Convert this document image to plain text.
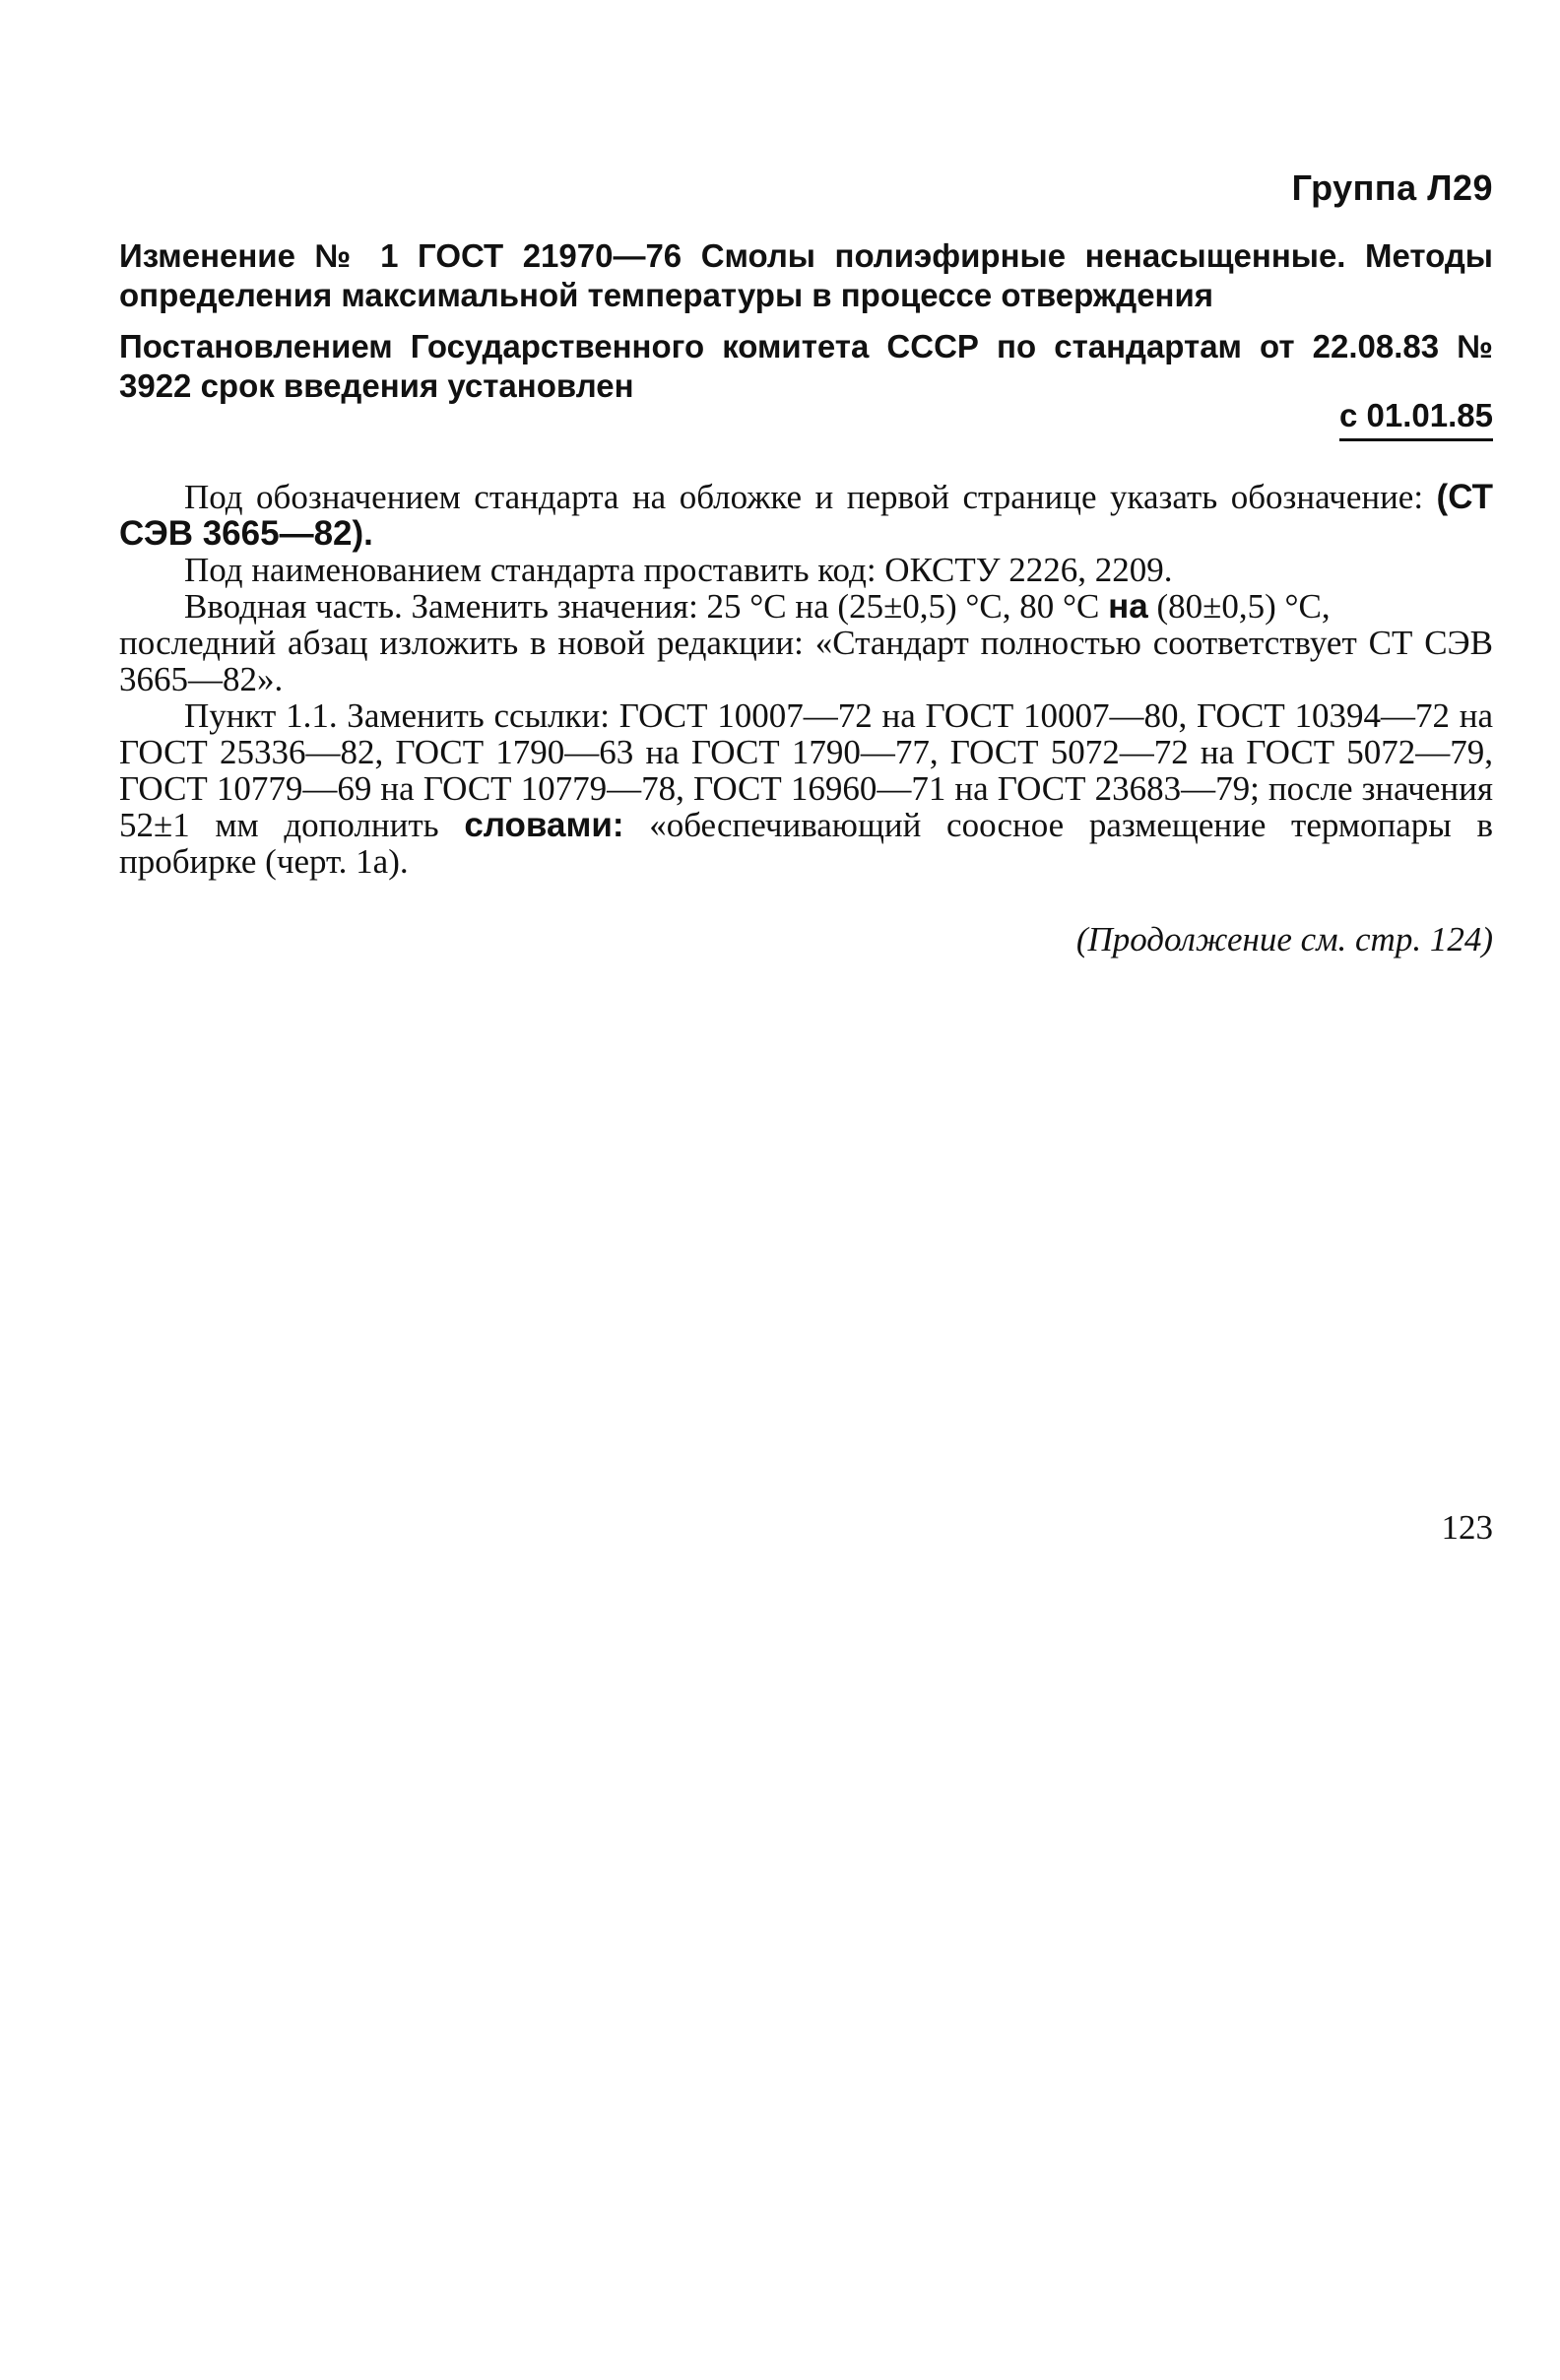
Группа Л29
Изменение № 1 ГОСТ 21970—76 Смолы полиэфирные ненасыщенные. Методы определения максимальной температуры в процессе отверждения
Постановлением Государственного комитета СССР по стандартам от 22.08.83 № 3922 срок введения установлен
с 01.01.85

Под обозначением стандарта на обложке и первой странице указать обозначение: (СТ СЭВ 3665—82).

Под наименованием стандарта проставить код: ОКСТУ 2226, 2209.

Вводная часть. Заменить значения: 25 °С на (25±0,5) °С, 80 °С на (80±0,5) °С,

последний абзац изложить в новой редакции: «Стандарт полностью соответствует СТ СЭВ 3665—82».

Пункт 1.1. Заменить ссылки: ГОСТ 10007—72 на ГОСТ 10007—80, ГОСТ 10394—72 на ГОСТ 25336—82, ГОСТ 1790—63 на ГОСТ 1790—77, ГОСТ 5072—72 на ГОСТ 5072—79, ГОСТ 10779—69 на ГОСТ 10779—78, ГОСТ 16960—71 на ГОСТ 23683—79; после значения 52±1 мм дополнить словами: «обеспечивающий соосное размещение термопары в пробирке (черт. 1а).

(Продолжение см. стр. 124)
123
